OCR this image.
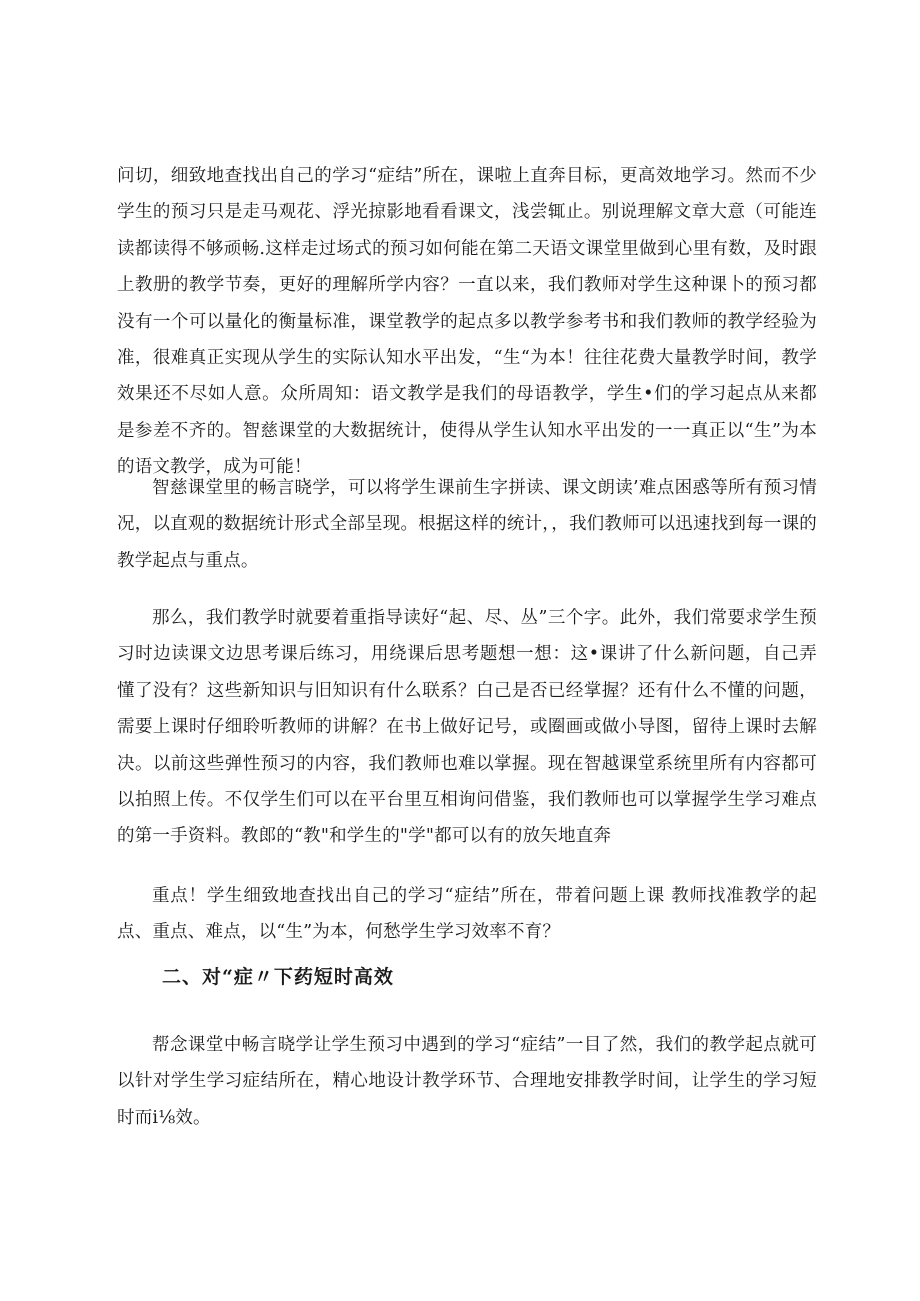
问切，细致地查找出自己的学习“症结”所在，课啦上直奔目标，更高效地学习。然而不少学生的预习只是走马观花、浮光掠影地看看课文，浅尝辄止。别说理解文章大意（可能连读都读得不够顽畅.这样走过场式的预习如何能在第二天语文课堂里做到心里有数，及时跟上教册的教学节奏，更好的理解所学内容？一直以来，我们教师对学生这种课卜的预习都没有一个可以量化的衡量标准，课堂教学的起点多以教学参考书和我们教师的教学经验为准，很难真正实现从学生的实际认知水平出发，“生“为本！往往花费大量教学时间，教学效果还不尽如人意。众所周知：语文教学是我们的母语教学，学生•们的学习起点从来都是参差不齐的。智慈课堂的大数据统计，使得从学生认知水平出发的一一真正以“生”为本的语文教学，成为可能！

智慈课堂里的畅言晓学，可以将学生课前生字拼读、课文朗读’难点困惑等所有预习情况，以直观的数据统计形式全部呈现。根据这样的统计，，我们教师可以迅速找到每一课的教学起点与重点。

那么，我们教学时就要着重指导读好“起、尽、丛”三个字。此外，我们常要求学生预习时边读课文边思考课后练习，用绕课后思考题想一想：这•课讲了什么新问题，自己弄懂了没有？这些新知识与旧知识有什么联系？白己是否已经掌握？还有什么不懂的问题，需要上课时仔细聆听教师的讲解？在书上做好记号，或圈画或做小导图，留待上课时去解决。以前这些弹性预习的内容，我们教师也难以掌握。现在智越课堂系统里所有内容都可以拍照上传。不仅学生们可以在平台里互相询问借鉴，我们教师也可以掌握学生学习难点的第一手资料。教郎的“教"和学生的"学"都可以有的放矢地直奔

重点！学生细致地查找出自己的学习“症结”所在，带着问题上课 教师找准教学的起点、重点、难点，以“生”为本，何愁学生学习效率不育？

二、对“症〃下药短时高效

帮念课堂中畅言晓学让学生预习中遇到的学习“症结”一目了然，我们的教学起点就可以针对学生学习症结所在，精心地设计教学环节、合理地安排教学时间，让学生的学习短时而i⅛效。
